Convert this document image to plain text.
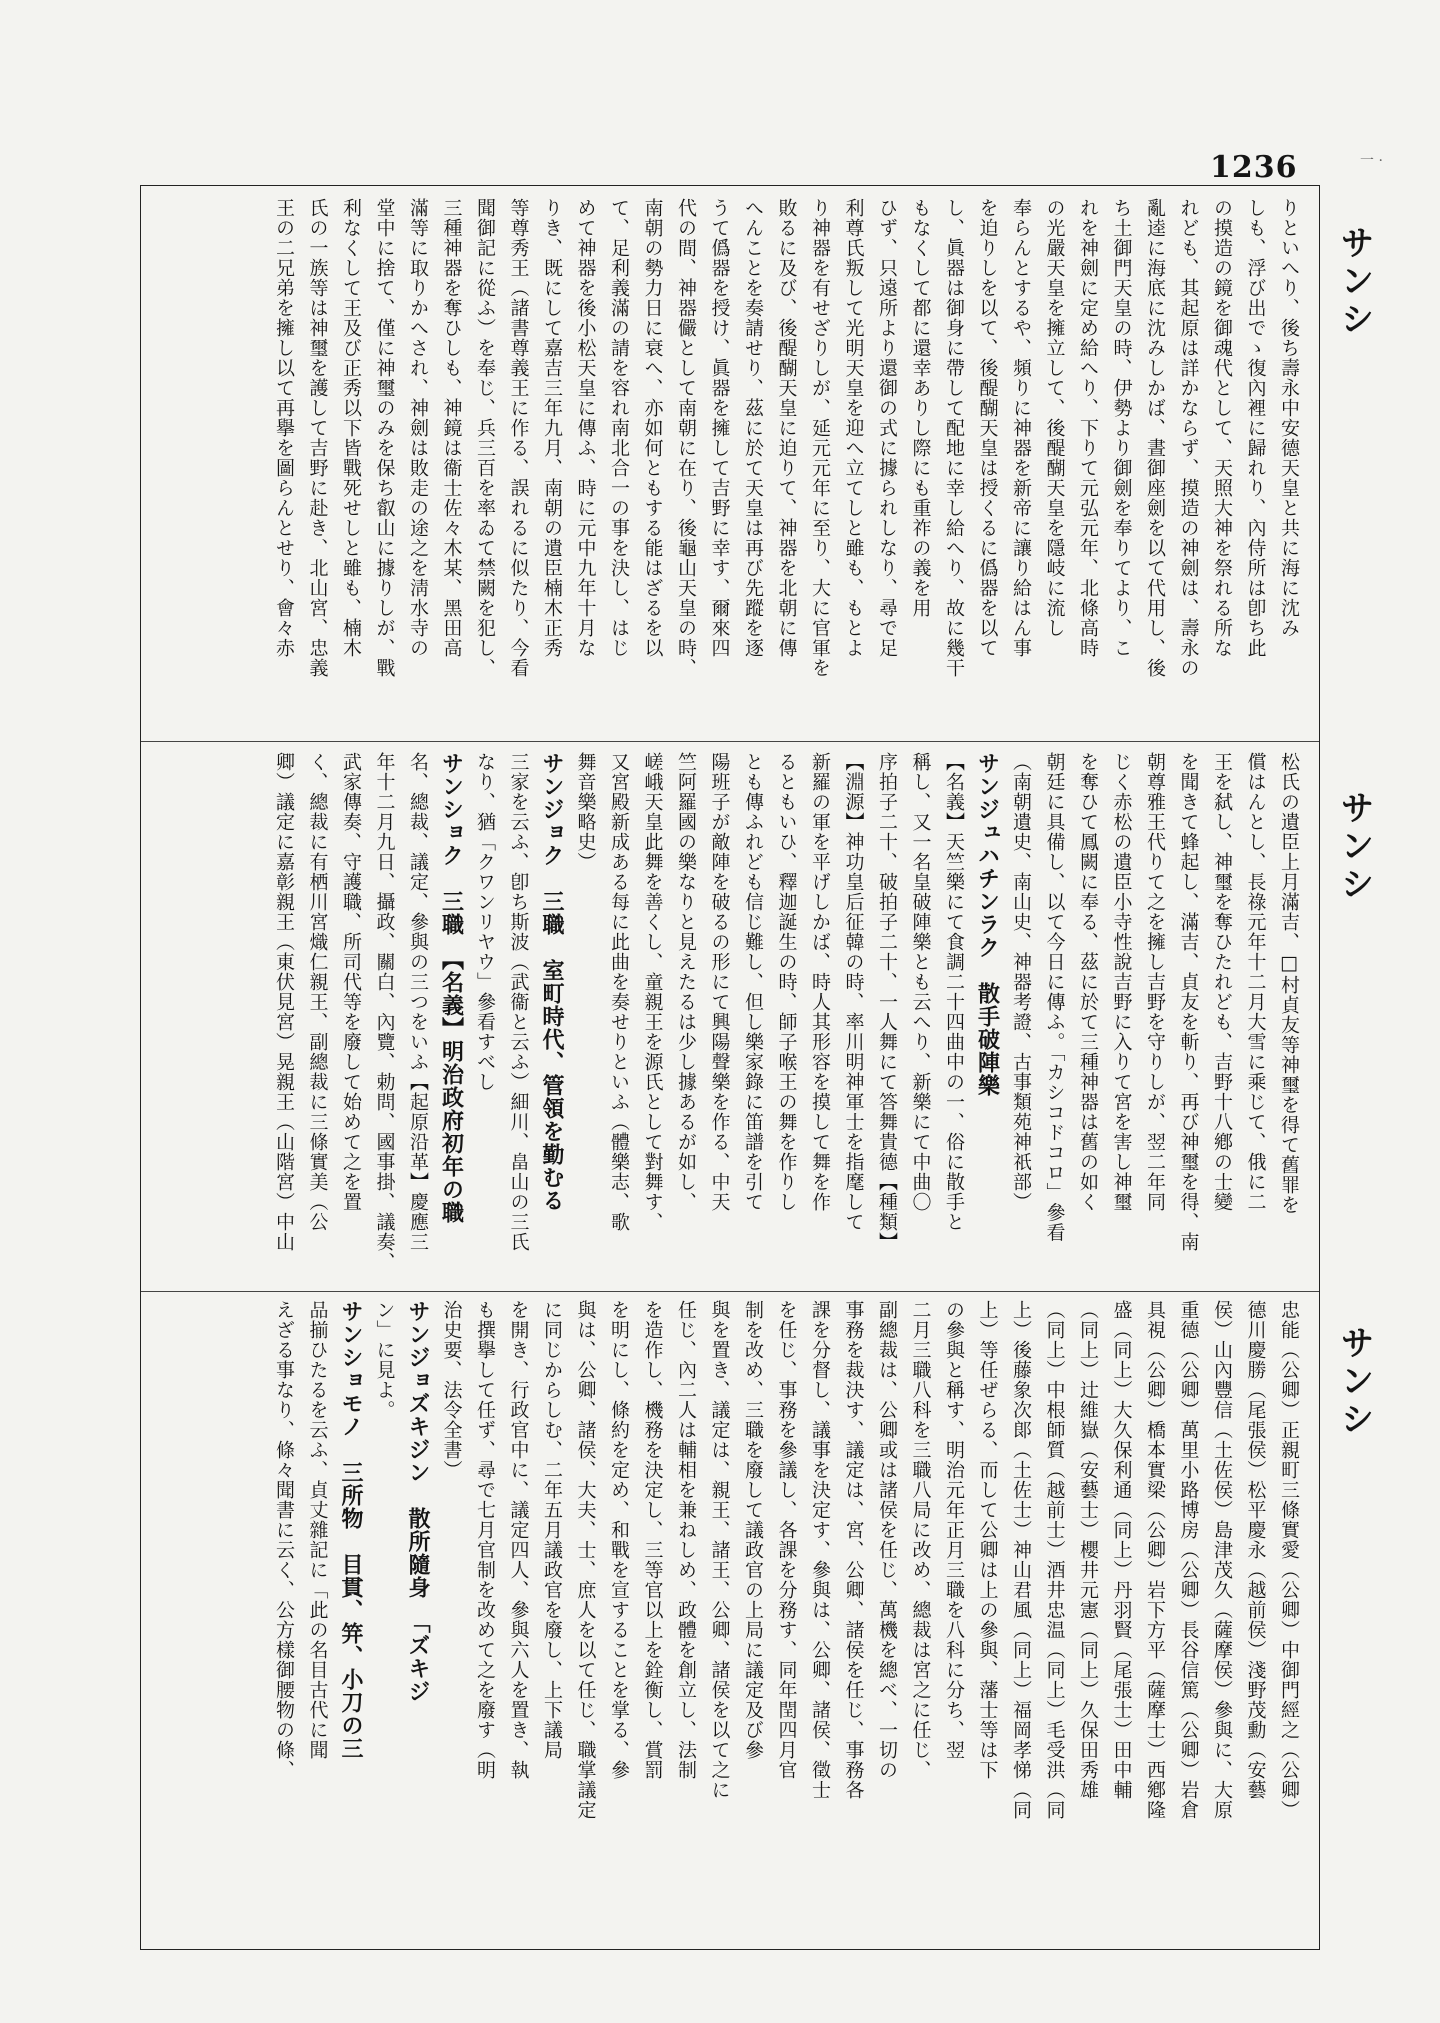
1236	一 ·
サンシ
サンシ
サンシ
りといへり、後ち壽永中安德天皇と共に海に沈み
しも、浮び出でゝ復內裡に歸れり、內侍所は卽ち此
の摸造の鏡を御魂代として、天照大神を祭れる所な
れども、其起原は詳かならず、摸造の神劍は、壽永の
亂逵に海底に沈みしかば、晝御座劍を以て代用し、後
ち土御門天皇の時、伊勢より御劍を奉りてより、こ
れを神劍に定め給へり、下りて元弘元年、北條高時
の光嚴天皇を擁立して、後醍醐天皇を隱岐に流し
奉らんとするや、頻りに神器を新帝に讓り給はん事
を迫りしを以て、後醍醐天皇は授くるに僞器を以て
し、眞器は御身に帶して配地に幸し給へり、故に幾干
もなくして都に還幸ありし際にも重祚の義を用
ひず、只遠所より還御の式に據られしなり、尋で足
利尊氏叛して光明天皇を迎へ立てしと雖も、もとよ
り神器を有せざりしが、延元元年に至り、大に官軍を
敗るに及び、後醍醐天皇に迫りて、神器を北朝に傳
へんことを奏請せり、茲に於て天皇は再び先蹤を逐
うて僞器を授け、眞器を擁して吉野に幸す、爾來四
代の間、神器儼として南朝に在り、後龜山天皇の時、
南朝の勢力日に衰へ、亦如何ともする能はざるを以
て、足利義滿の請を容れ南北合一の事を決し、はじ
めて神器を後小松天皇に傳ふ、時に元中九年十月な
りき、既にして嘉吉三年九月、南朝の遺臣楠木正秀
等尊秀王（諸書尊義王に作る、誤れるに似たり、今看
聞御記に從ふ）を奉じ、兵三百を率ゐて禁闕を犯し、
三種神器を奪ひしも、神鏡は衞士佐々木某、黑田高
滿等に取りかへされ、神劍は敗走の途之を淸水寺の
堂中に捨て、僅に神璽のみを保ち叡山に據りしが、戰
利なくして王及び正秀以下皆戰死せしと雖も、楠木
氏の一族等は神璽を護して吉野に赴き、北山宮、忠義
王の二兄弟を擁し以て再擧を圖らんとせり、會々赤
松氏の遺臣上月滿吉、□村貞友等神璽を得て舊罪を
償はんとし、長祿元年十二月大雪に乘じて、俄に二
王を弑し、神璽を奪ひたれども、吉野十八鄕の士變
を聞きて蜂起し、滿吉、貞友を斬り、再び神璽を得、南
朝尊雅王代りて之を擁し吉野を守りしが、翌二年同
じく赤松の遺臣小寺性說吉野に入りて宮を害し神璽
を奪ひて鳳闕に奉る、茲に於て三種神器は舊の如く
朝廷に具備し、以て今日に傳ふ。「カシコドコロ」參看
（南朝遺史、南山史、神器考證、古事類苑神祇部）
サンジュハチンラク　散手破陣樂
【名義】天竺樂にて食調二十四曲中の一、俗に散手と
稱し、又一名皇破陣樂とも云へり、新樂にて中曲〇
序拍子二十、破拍子二十、一人舞にて答舞貴德【種類】
【淵源】神功皇后征韓の時、率川明神軍士を指麾して
新羅の軍を平げしかば、時人其形容を摸して舞を作
るともいひ、釋迦誕生の時、師子喉王の舞を作りし
とも傳ふれども信じ難し、但し樂家錄に笛譜を引て
陽班子が敵陣を破るの形にて興陽聲樂を作る、中天
竺阿羅國の樂なりと見えたるは少し據あるが如し、
嵯峨天皇此舞を善くし、童親王を源氏として對舞す、
又宮殿新成ある每に此曲を奏せりといふ（體樂志、歌
舞音樂略史）
サンジョク　三職　室町時代、管領を勤むる
三家を云ふ、卽ち斯波（武衞と云ふ）細川、畠山の三氏
なり、猶「クワンリヤウ」參看すべし
サンショク　三職　【名義】明治政府初年の職
名、總裁、議定、參與の三つをいふ【起原沿革】慶應三
年十二月九日、攝政、關白、內覽、勅問、國事掛、議奏、
武家傳奏、守護職、所司代等を廢して始めて之を置
く、總裁に有栖川宮熾仁親王、副總裁に三條實美（公
卿）議定に嘉彰親王（東伏見宮）晃親王（山階宮）中山
忠能（公卿）正親町三條實愛（公卿）中御門經之（公卿）
德川慶勝（尾張侯）松平慶永（越前侯）淺野茂勳（安藝
侯）山內豐信（土佐侯）島津茂久（薩摩侯）參與に、大原
重德（公卿）萬里小路博房（公卿）長谷信篤（公卿）岩倉
具視（公卿）橋本實梁（公卿）岩下方平（薩摩士）西鄕隆
盛（同上）大久保利通（同上）丹羽賢（尾張士）田中輔
（同上）辻維嶽（安藝士）櫻井元憲（同上）久保田秀雄
（同上）中根師質（越前士）酒井忠温（同上）毛受洪（同
上）後藤象次郞（土佐士）神山君風（同上）福岡孝悌（同
上）等任ぜらる、而して公卿は上の參與、藩士等は下
の參與と稱す、明治元年正月三職を八科に分ち、翌
二月三職八科を三職八局に改め、總裁は宮之に任じ、
副總裁は、公卿或は諸侯を任じ、萬機を總べ、一切の
事務を裁決す、議定は、宮、公卿、諸侯を任じ、事務各
課を分督し、議事を決定す、參與は、公卿、諸侯、徵士
を任じ、事務を參議し、各課を分務す、同年閏四月官
制を改め、三職を廢して議政官の上局に議定及び參
與を置き、議定は、親王、諸王、公卿、諸侯を以て之に
任じ、內二人は輔相を兼ねしめ、政體を創立し、法制
を造作し、機務を決定し、三等官以上を銓衡し、賞罰
を明にし、條約を定め、和戰を宣することを掌る、參
與は、公卿、諸侯、大夫、士、庶人を以て任じ、職掌議定
に同じからしむ、二年五月議政官を廢し、上下議局
を開き、行政官中に、議定四人、參與六人を置き、執
も撰擧して任ず、尋で七月官制を改めて之を廢す（明
治史要、法令全書）
サンジョズキジン　散所隨身　「ズキジ
ン」に見よ。
サンショモノ　三所物　目貫、笄、小刀の三
品揃ひたるを云ふ、貞丈雜記に「此の名目古代に聞
えざる事なり、條々聞書に云く、公方樣御腰物の條、
